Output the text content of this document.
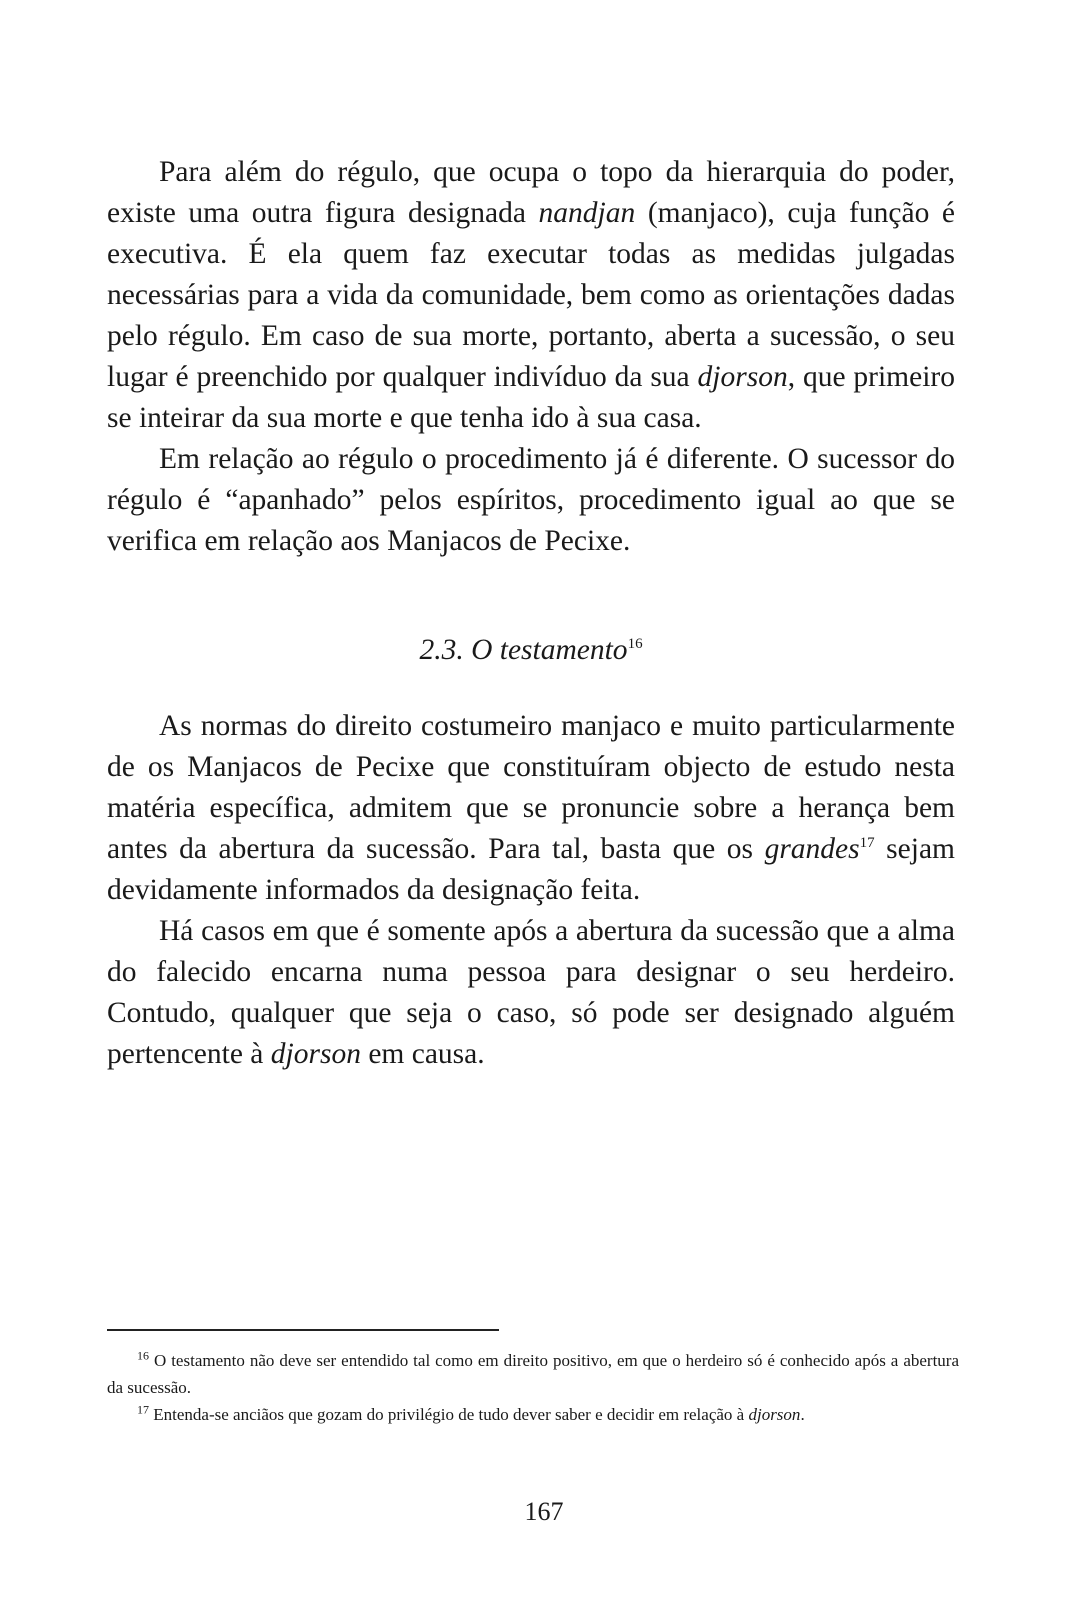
Para além do régulo, que ocupa o topo da hierarquia do poder, existe uma outra figura designada nandjan (manjaco), cuja função é executiva. É ela quem faz executar todas as medidas julgadas necessárias para a vida da comunidade, bem como as orientações dadas pelo régulo. Em caso de sua morte, portanto, aberta a sucessão, o seu lugar é preenchido por qualquer indivíduo da sua djorson, que primeiro se inteirar da sua morte e que tenha ido à sua casa.

Em relação ao régulo o procedimento já é diferente. O sucessor do régulo é “apanhado” pelos espíritos, procedimento igual ao que se verifica em relação aos Manjacos de Pecixe.

2.3. O testamento$^{16}$

As normas do direito costumeiro manjaco e muito particularmente de os Manjacos de Pecixe que constituíram objecto de estudo nesta matéria específica, admitem que se pronuncie sobre a herança bem antes da abertura da sucessão. Para tal, basta que os grandes$^{17}$ sejam devidamente informados da designação feita.

Há casos em que é somente após a abertura da sucessão que a alma do falecido encarna numa pessoa para designar o seu herdeiro. Contudo, qualquer que seja o caso, só pode ser designado alguém pertencente à djorson em causa.

$^{16}$ O testamento não deve ser entendido tal como em direito positivo, em que o herdeiro só é conhecido após a abertura da sucessão.

$^{17}$ Entenda-se anciãos que gozam do privilégio de tudo dever saber e decidir em relação à djorson.

167
